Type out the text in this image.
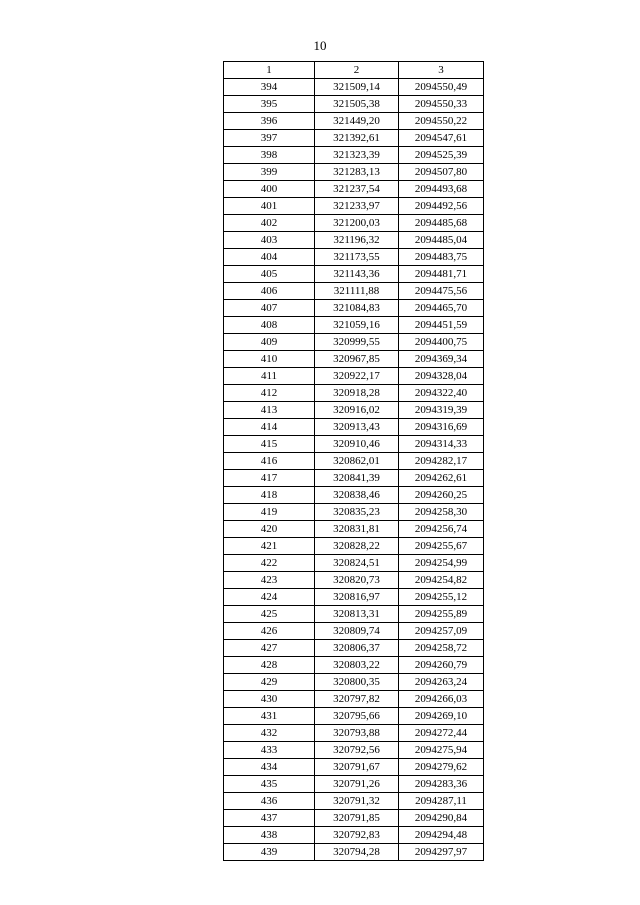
10
1	2	3
394	321509,14	2094550,49
395	321505,38	2094550,33
396	321449,20	2094550,22
397	321392,61	2094547,61
398	321323,39	2094525,39
399	321283,13	2094507,80
400	321237,54	2094493,68
401	321233,97	2094492,56
402	321200,03	2094485,68
403	321196,32	2094485,04
404	321173,55	2094483,75
405	321143,36	2094481,71
406	321111,88	2094475,56
407	321084,83	2094465,70
408	321059,16	2094451,59
409	320999,55	2094400,75
410	320967,85	2094369,34
411	320922,17	2094328,04
412	320918,28	2094322,40
413	320916,02	2094319,39
414	320913,43	2094316,69
415	320910,46	2094314,33
416	320862,01	2094282,17
417	320841,39	2094262,61
418	320838,46	2094260,25
419	320835,23	2094258,30
420	320831,81	2094256,74
421	320828,22	2094255,67
422	320824,51	2094254,99
423	320820,73	2094254,82
424	320816,97	2094255,12
425	320813,31	2094255,89
426	320809,74	2094257,09
427	320806,37	2094258,72
428	320803,22	2094260,79
429	320800,35	2094263,24
430	320797,82	2094266,03
431	320795,66	2094269,10
432	320793,88	2094272,44
433	320792,56	2094275,94
434	320791,67	2094279,62
435	320791,26	2094283,36
436	320791,32	2094287,11
437	320791,85	2094290,84
438	320792,83	2094294,48
439	320794,28	2094297,97
